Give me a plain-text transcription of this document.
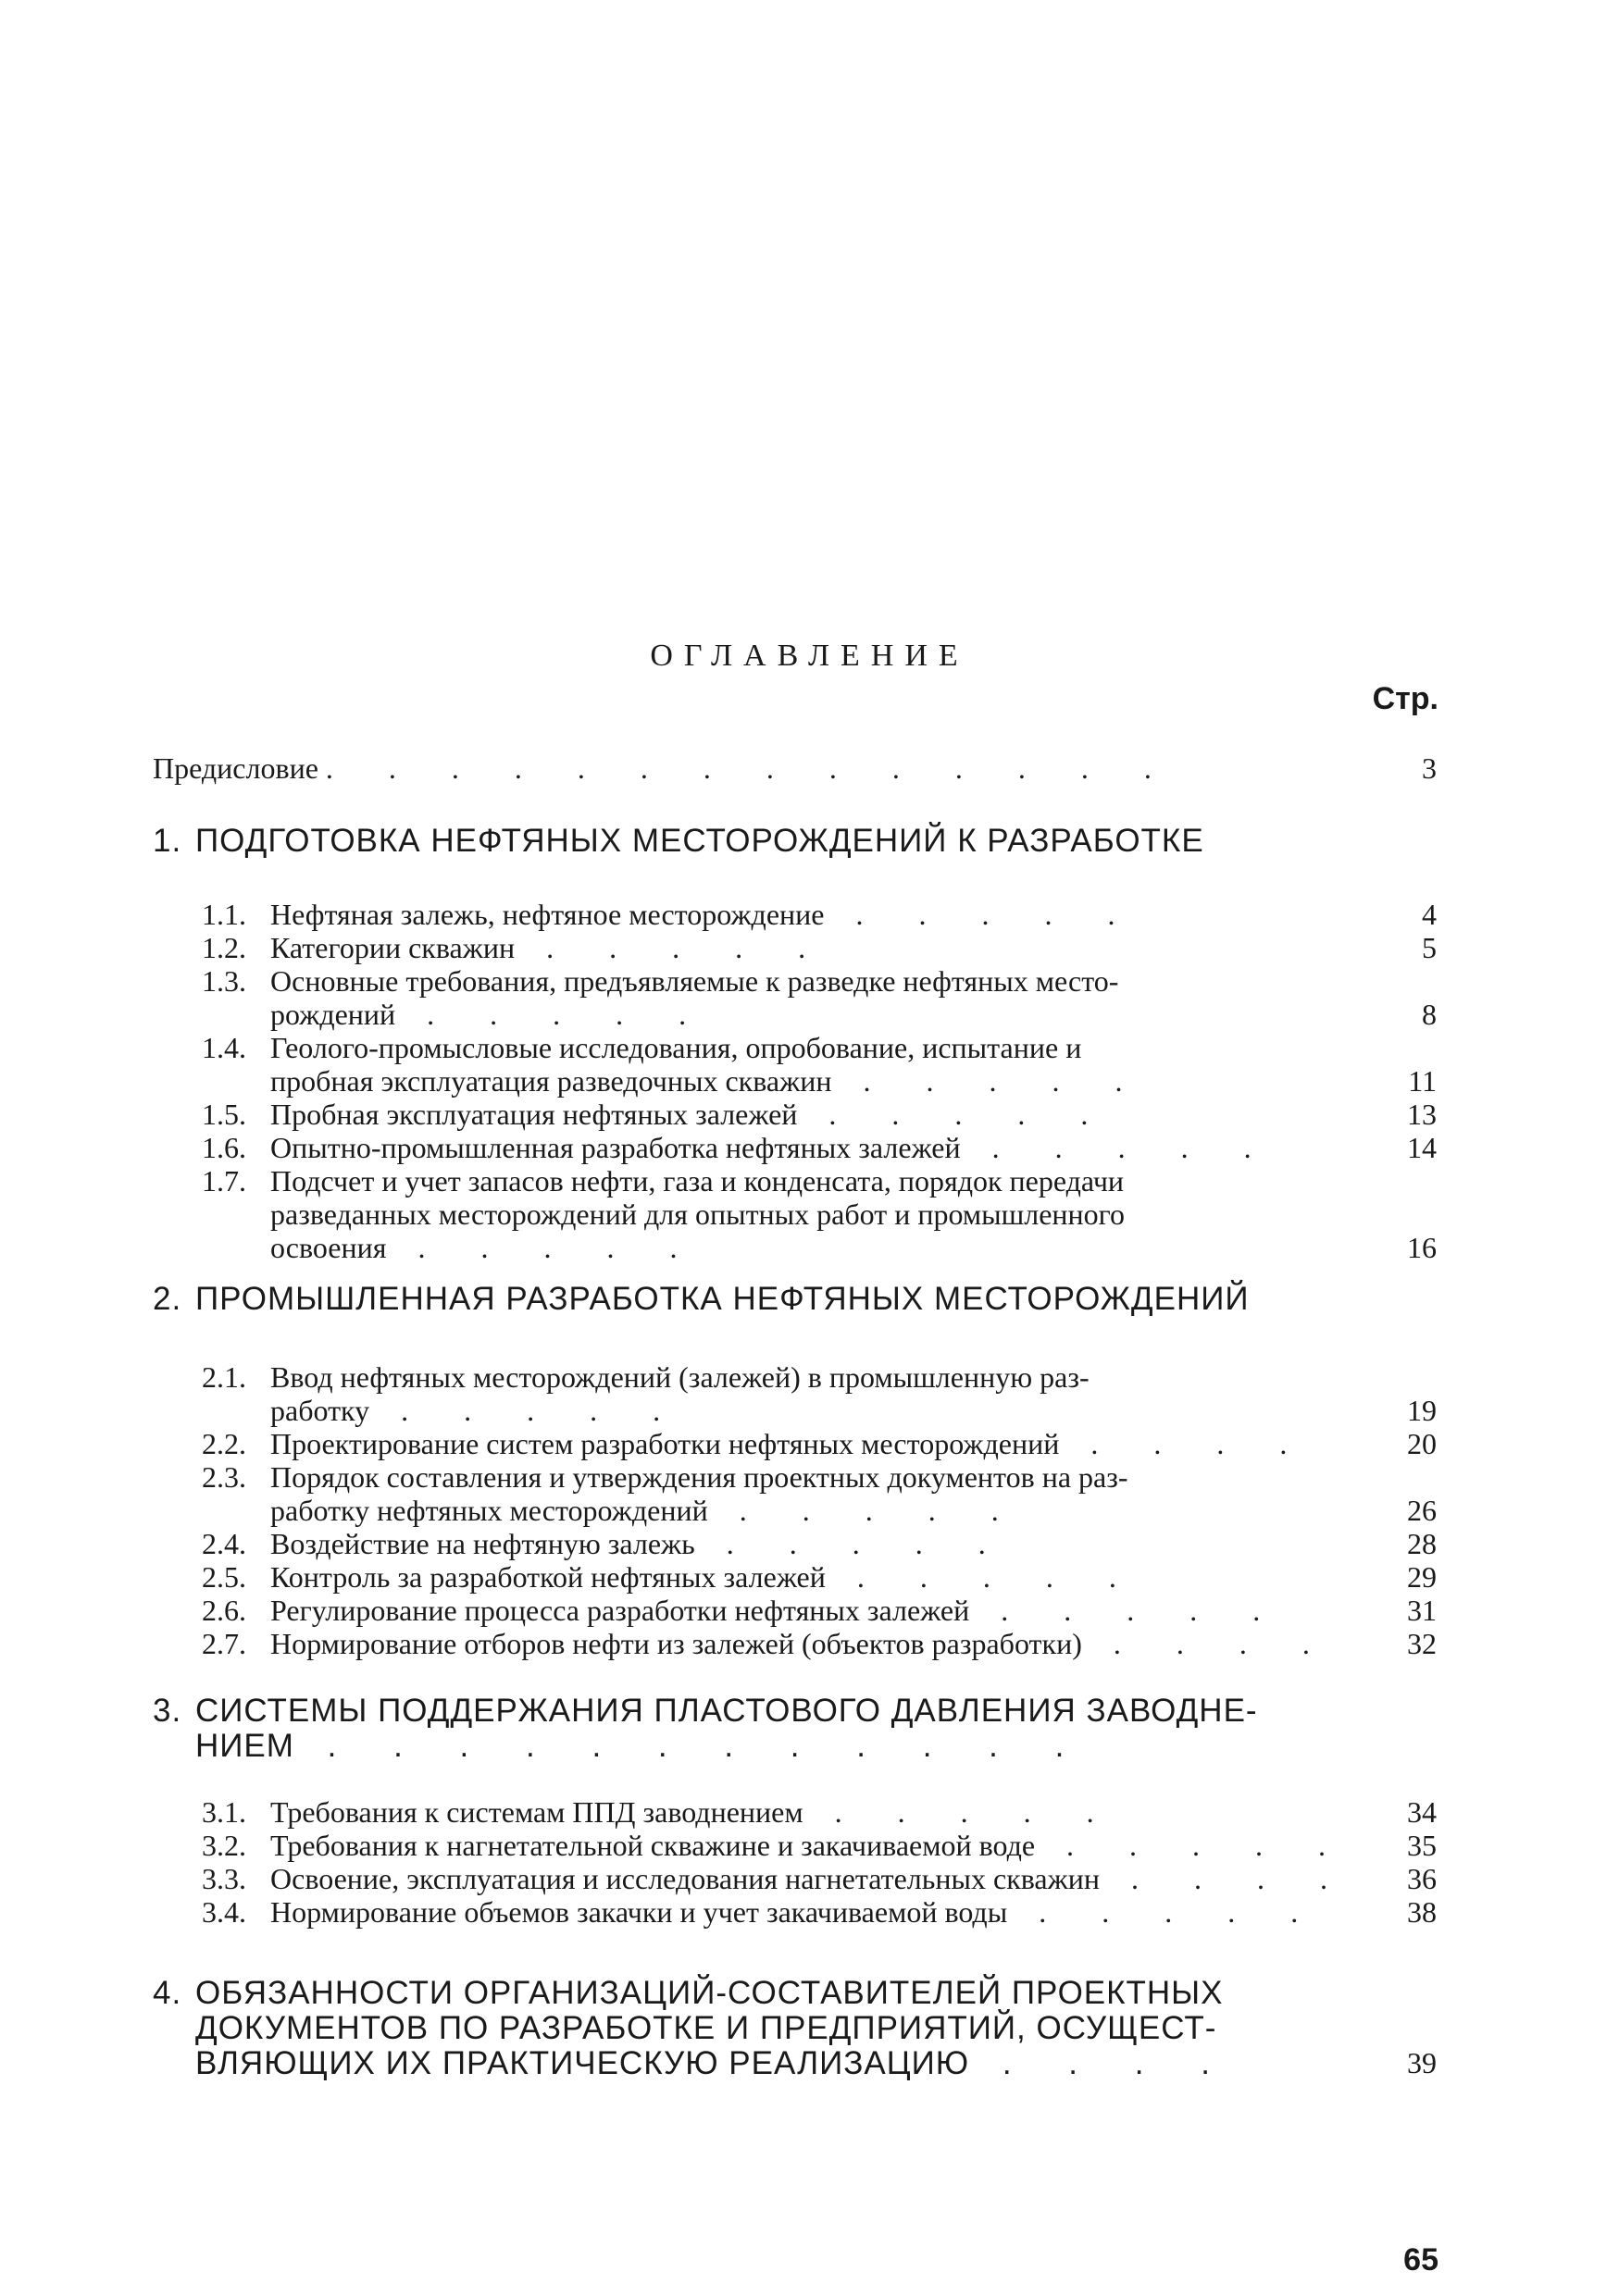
ОГЛАВЛЕНИЕ
Стр.
Предисловие . . . . . . . . . . . . . .	3
1. ПОДГОТОВКА НЕФТЯНЫХ МЕСТОРОЖДЕНИЙ К РАЗРАБОТКЕ
1.1. Нефтяная залежь, нефтяное месторождение . . . . .	4
1.2. Категории скважин . . . . .	5
1.3. Основные требования, предъявляемые к разведке нефтяных место-
рождений . . . . .	8
1.4. Геолого-промысловые исследования, опробование, испытание и
пробная эксплуатация разведочных скважин . . . . .	11
1.5. Пробная эксплуатация нефтяных залежей . . . . .	13
1.6. Опытно-промышленная разработка нефтяных залежей . . . . .	14
1.7. Подсчет и учет запасов нефти, газа и конденсата, порядок передачи
разведанных месторождений для опытных работ и промышленного
освоения . . . . .	16
2. ПРОМЫШЛЕННАЯ РАЗРАБОТКА НЕФТЯНЫХ МЕСТОРОЖДЕНИЙ
2.1. Ввод нефтяных месторождений (залежей) в промышленную раз-
работку . . . . .	19
2.2. Проектирование систем разработки нефтяных месторождений . . . .	20
2.3. Порядок составления и утверждения проектных документов на раз-
работку нефтяных месторождений . . . . .	26
2.4. Воздействие на нефтяную залежь . . . . .	28
2.5. Контроль за разработкой нефтяных залежей . . . . .	29
2.6. Регулирование процесса разработки нефтяных залежей . . . . .	31
2.7. Нормирование отборов нефти из залежей (объектов разработки) . . . . 32
3. СИСТЕМЫ ПОДДЕРЖАНИЯ ПЛАСТОВОГО ДАВЛЕНИЯ ЗАВОДНЕ-
НИЕМ . . . . . . . . . . . .
3.1. Требования к системам ППД заводнением . . . . .	34
3.2. Требования к нагнетательной скважине и закачиваемой воде . . . . . 35
3.3. Освоение, эксплуатация и исследования нагнетательных скважин . . . . 36
3.4. Нормирование объемов закачки и учет закачиваемой воды . . . . .	38
4. ОБЯЗАННОСТИ ОРГАНИЗАЦИЙ-СОСТАВИТЕЛЕЙ ПРОЕКТНЫХ
ДОКУМЕНТОВ ПО РАЗРАБОТКЕ И ПРЕДПРИЯТИЙ, ОСУЩЕСТ-
ВЛЯЮЩИХ ИХ ПРАКТИЧЕСКУЮ РЕАЛИЗАЦИЮ . . . .	39
65
